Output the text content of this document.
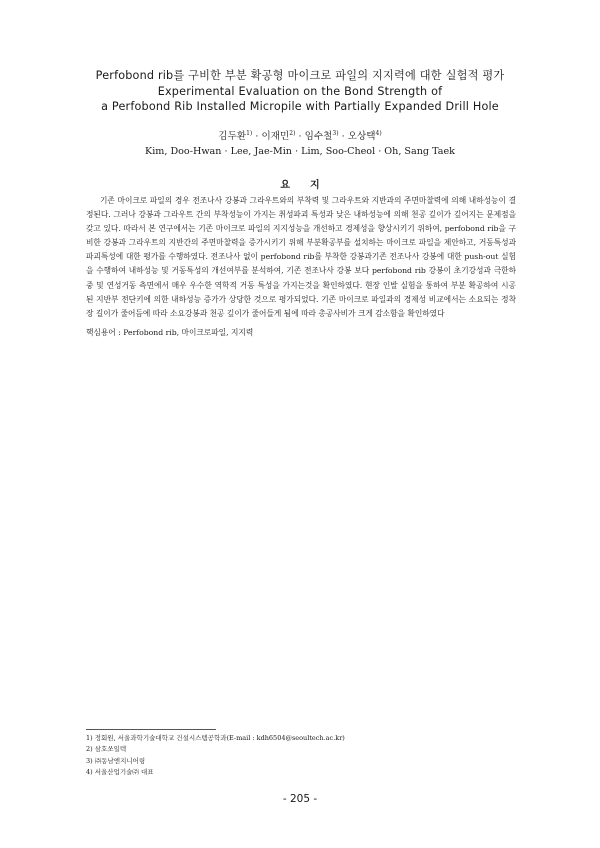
Perfobond rib를 구비한 부분 확공형 마이크로 파일의 지지력에 대한 실험적 평가
Experimental Evaluation on the Bond Strength of
a Perfobond Rib Installed Micropile with Partially Expanded Drill Hole
김두환$^{1)}$ · 이재민$^{2)}$ · 임수철$^{3)}$ · 오상택$^{4)}$
Kim, Doo-Hwan · Lee, Jae-Min · Lim, Soo-Cheol · Oh, Sang Taek
요지

기존 마이크로 파일의 경우 전조나사 강봉과 그라우트와의 부착력 및 그라우트와 지반과의 주면마찰력에 의해 내하성능이 결정된다. 그러나 강봉과 그라우트 간의 부착성능이 가지는 취성파괴 특성과 낮은 내하성능에 의해 천공 깊이가 깊어지는 문제점을 갖고 있다. 따라서 본 연구에서는 기존 마이크로 파일의 지지성능을 개선하고 경제성을 향상시키기 위하여, perfobond rib을 구비한 강봉과 그라우트의 지반간의 주면마찰력을 증가시키기 위해 부분확공부를 설치하는 마이크로 파일을 제안하고, 거동특성과 파괴특성에 대한 평가를 수행하였다. 전조나사 없이 perfobond rib를 부착한 강봉과기존 전조나사 강봉에 대한 push-out 실험을 수행하여 내하성능 및 거동특성의 개선여부를 분석하여, 기존 전조나사 강봉 보다 perfobond rib 강봉이 초기강성과 극한하중 및 연성거동 측면에서 매우 우수한 역학적 거동 특성을 가지는것을 확인하였다. 현장 인발 실험을 통하여 부분 확공하여 시공된 지반부 전단키에 의한 내하성능 증가가 상당한 것으로 평가되었다. 기존 마이크로 파일과의 경제성 비교에서는 소요되는 정착장 길이가 줄어듬에 따라 소요강봉과 천공 깊이가 줄어들게 됨에 따라 총공사비가 크게 감소함을 확인하였다

핵심용어 : Perfobond rib, 마이크로파일, 지지력
1) 정회원, 서울과학기술대학교 건설시스템공학과(E-mail : kdh6504@seoultech.ac.kr)
2) 삼호쏘일텍
3) ㈜동남엔지니어링
4) 서울산업기술㈜ 대표
- 205 -
